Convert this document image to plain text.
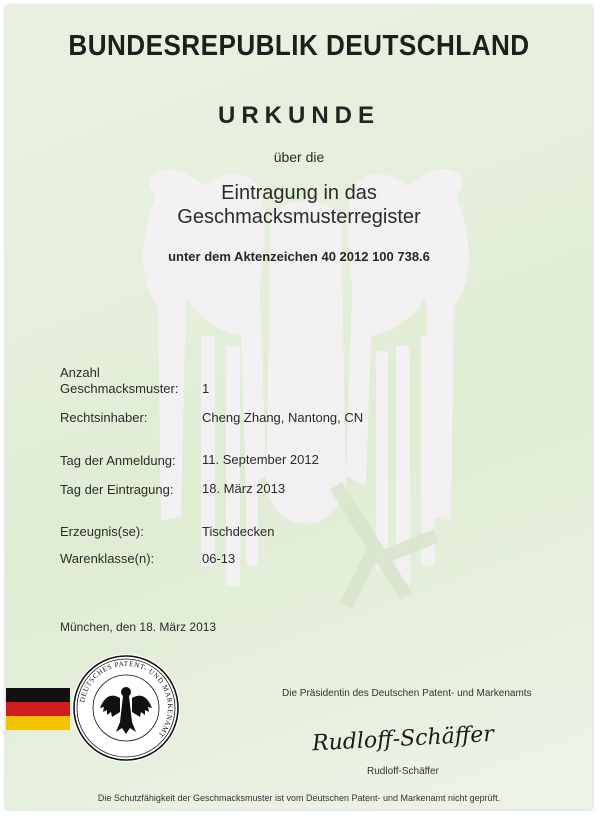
BUNDESREPUBLIK DEUTSCHLAND
URKUNDE
über die
Eintragung in das
Geschmacksmusterregister
unter dem Aktenzeichen 40 2012 100 738.6
Anzahl
Geschmacksmuster: 1
Rechtsinhaber:	Cheng Zhang, Nantong, CN
Tag der Anmeldung: 11. September 2012
Tag der Eintragung: 18. März 2013
Erzeugnis(se):	Tischdecken
Warenklasse(n):	06-13
München, den 18. März 2013
DEUTSCHES PATENT- UND MARKENAMT
Die Präsidentin des Deutschen Patent- und Markenamts
Rudloff-Schäffer
Rudloff-Schäffer
Die Schutzfähigkeit der Geschmacksmuster ist vom Deutschen Patent- und Markenamt nicht geprüft.
